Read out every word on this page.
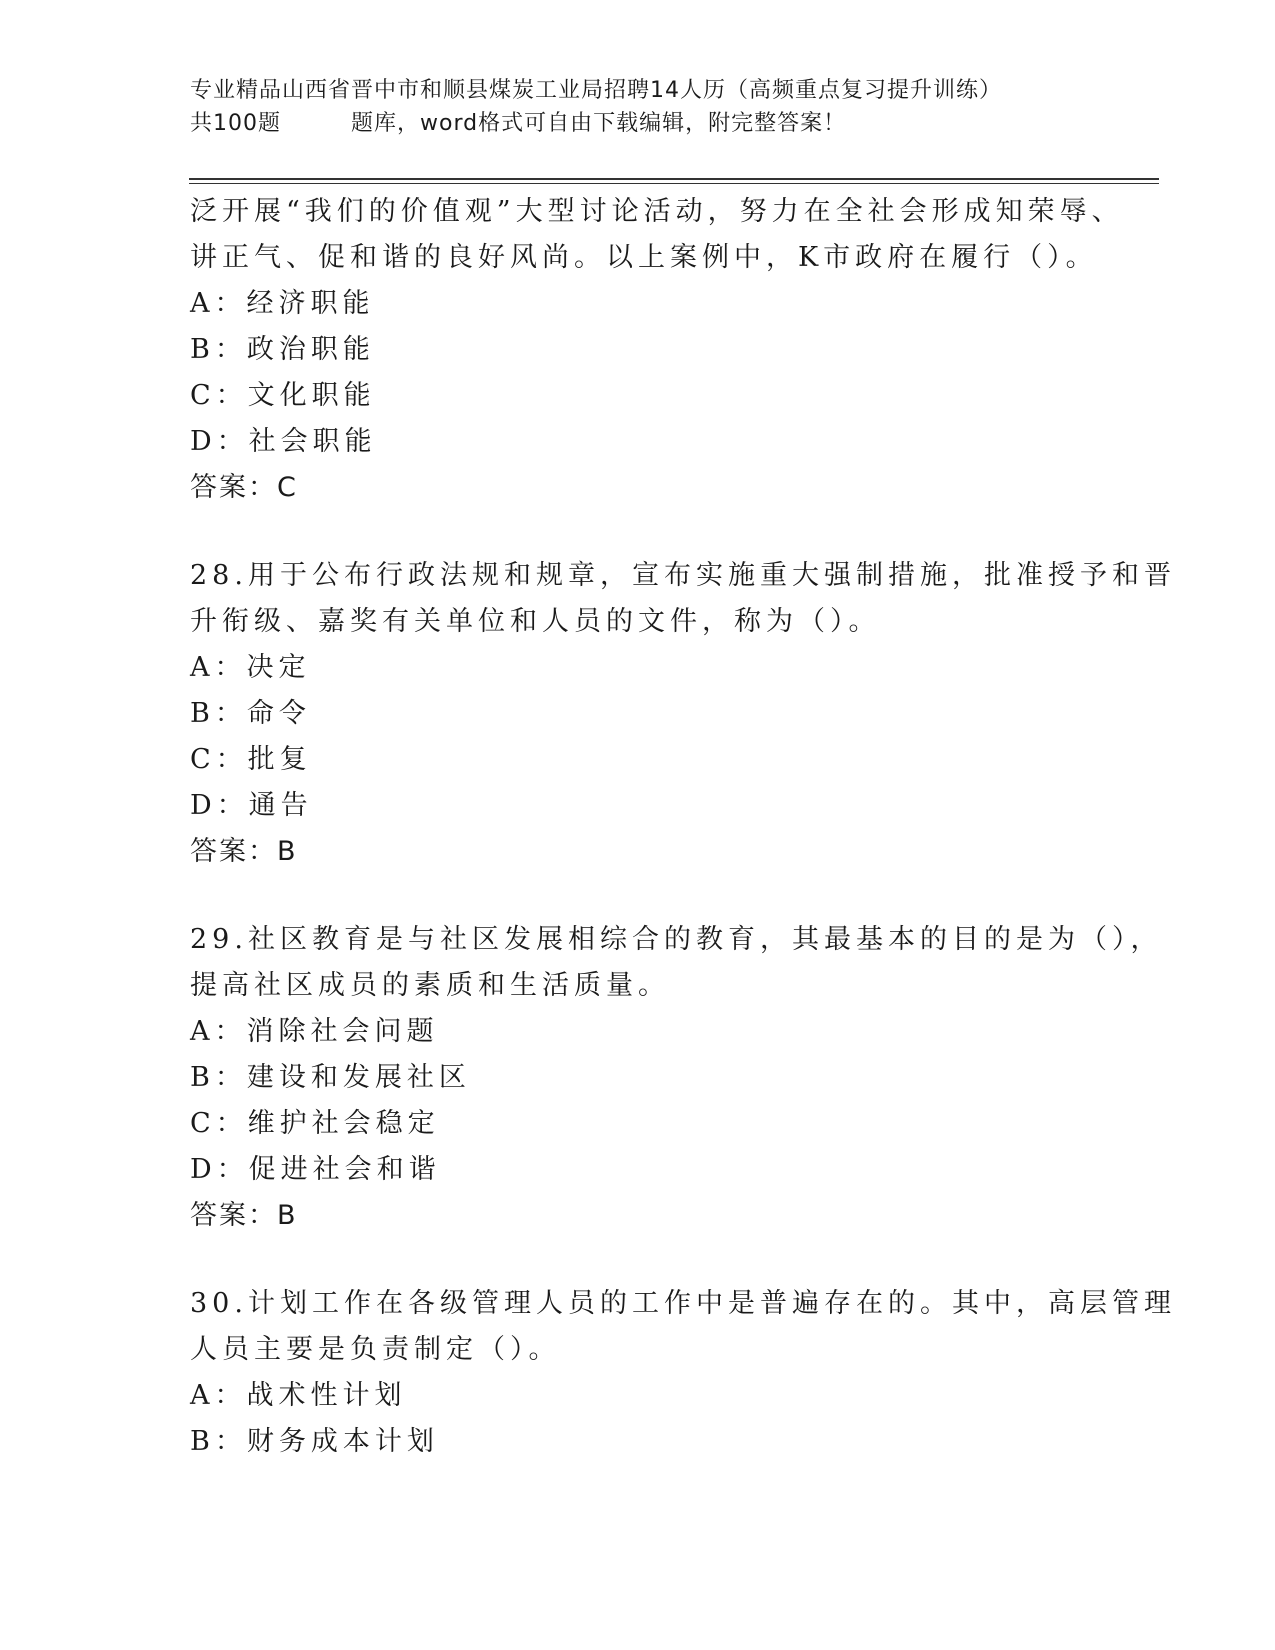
专业精品山西省晋中市和顺县煤炭工业局招聘14人历（高频重点复习提升训练）
共100题	题库，word格式可自由下载编辑，附完整答案！
泛开展“我们的价值观”大型讨论活动，努力在全社会形成知荣辱、
讲正气、促和谐的良好风尚。以上案例中，K市政府在履行（）。
A：经济职能
B：政治职能
C：文化职能
D：社会职能
答案：C
28.用于公布行政法规和规章，宣布实施重大强制措施，批准授予和晋
升衔级、嘉奖有关单位和人员的文件，称为（）。
A：决定
B：命令
C：批复
D：通告
答案：B
29.社区教育是与社区发展相综合的教育，其最基本的目的是为（），
提高社区成员的素质和生活质量。
A：消除社会问题
B：建设和发展社区
C：维护社会稳定
D：促进社会和谐
答案：B
30.计划工作在各级管理人员的工作中是普遍存在的。其中，高层管理
人员主要是负责制定（）。
A：战术性计划
B：财务成本计划
